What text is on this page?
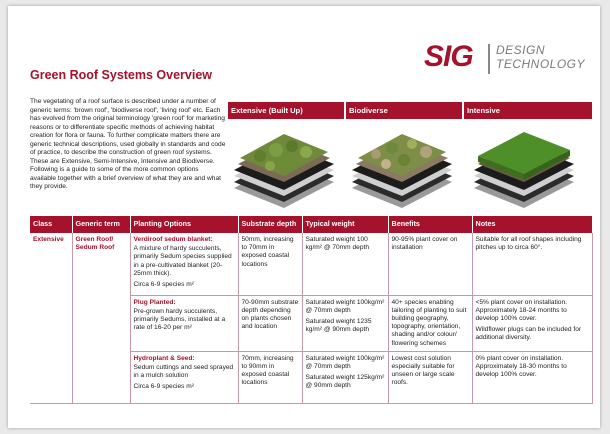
SIG DESIGN
TECHNOLOGY
Green Roof Systems Overview

The vegetating of a roof surface is described under a number of generic terms: 'brown roof', 'biodiverse roof', 'living roof' etc. Each has evolved from the original terminology 'green roof' for marketing reasons or to differentiate specific methods of achieving habitat creation for flora or fauna. To further complicate matters there are generic technical descriptions, used globally in standards and code of practice, to describe the construction of green roof systems. These are Extensive, Semi-Intensive, Intensive and Biodiverse.

Following is a guide to some of the more common options available together with a brief overview of what they are and what they provide.

Extensive (Built Up)	Biodiverse	Intensive
Class	Generic term	Planting Options	Substrate depth	Typical weight	Benefits	Notes
Extensive	Green Roof/ Sedum Roof	Verdiroof sedum blanket:
A mixture of hardy succulents, primarily Sedum species supplied in a pre-cultivated blanket (20-25mm thick).
Circa 6-9 species m²	50mm, increasing to 70mm in exposed coastal locations	Saturated weight 100 kg/m² @ 70mm depth	90-95% plant cover on installation	Suitable for all roof shapes including pitches up to circa 60°.

		Plug Planted:
Pre-grown hardy succulents, primarily Sedums, installed at a rate of 16-20 per m²	70-90mm substrate depth depending on plants chosen and location	Saturated weight 100kg/m² @ 70mm depth
Saturated weight 1235 kg/m² @ 90mm depth	40+ species enabling tailoring of planting to suit building geography, topography, orientation, shading and/or colour/ flowering schemes	<5% plant cover on installation. Approximately 18-24 months to develop 100% cover.
Wildflower plugs can be included for additional diversity.

		Hydroplant & Seed:
Sedum cuttings and seed sprayed in a mulch solution
Circa 6-9 species m²	70mm, increasing to 90mm in exposed coastal locations	Saturated weight 100kg/m² @ 70mm depth
Saturated weight 125kg/m² @ 90mm depth	Lowest cost solution especially suitable for unseen or large scale roofs.	0% plant cover on installation. Approximately 18-30 months to develop 100% cover.
